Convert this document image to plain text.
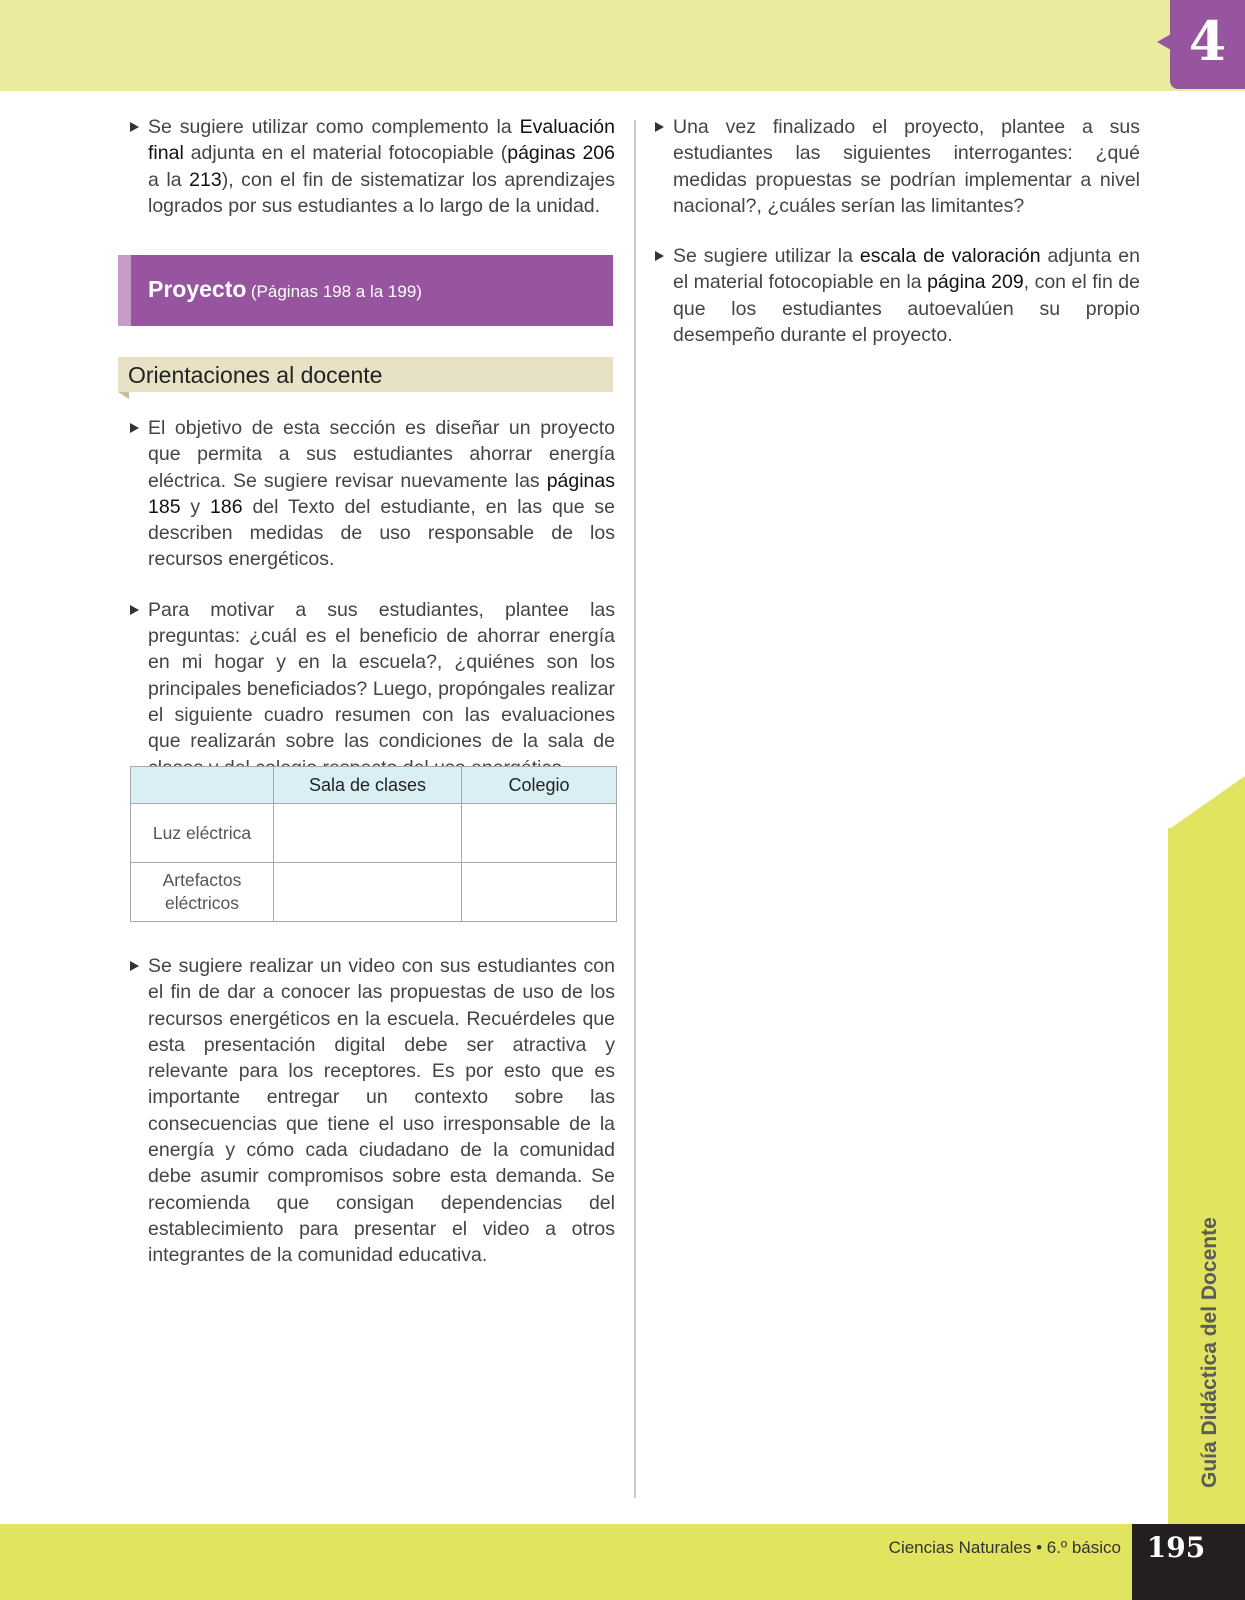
4
Guía Didáctica del Docente

Se sugiere utilizar como complemento la Evaluación final adjunta en el material fotocopiable (páginas 206 a la 213), con el fin de sistematizar los aprendizajes logrados por sus estudiantes a lo largo de la unidad.

Proyecto (Páginas 198 a la 199)
Orientaciones al docente

El objetivo de esta sección es diseñar un proyecto que permita a sus estudiantes ahorrar energía eléctrica. Se sugiere revisar nuevamente las páginas 185 y 186 del Texto del estudiante, en las que se describen medidas de uso responsable de los recursos energéticos.

Para motivar a sus estudiantes, plantee las preguntas: ¿cuál es el beneficio de ahorrar energía en mi hogar y en la escuela?, ¿quiénes son los principales beneficiados? Luego, propóngales realizar el siguiente cuadro resumen con las evaluaciones que realizarán sobre las condiciones de la sala de

	Sala de clases	Colegio
Luz eléctrica		
Artefactos eléctricos		

Se sugiere realizar un video con sus estudiantes con el fin de dar a conocer las propuestas de uso de los recursos energéticos en la escuela. Recuérdeles que esta presentación digital debe ser atractiva y relevante para los receptores. Es por esto que es importante entregar un contexto sobre las consecuencias que tiene el uso irresponsable de la energía y cómo cada ciudadano de la comunidad debe asumir compromisos sobre esta demanda. Se recomienda que consigan dependencias del establecimiento para presentar el video a otros integrantes de la comunidad educativa.

Una vez finalizado el proyecto, plantee a sus estudiantes las siguientes interrogantes: ¿qué medidas propuestas se podrían implementar a nivel nacional?, ¿cuáles serían las limitantes?

Se sugiere utilizar la escala de valoración adjunta en el material fotocopiable en la página 209, con el fin de que los estudiantes autoevalúen su propio desempeño durante el proyecto.

Ciencias Naturales • 6.º básico 195
